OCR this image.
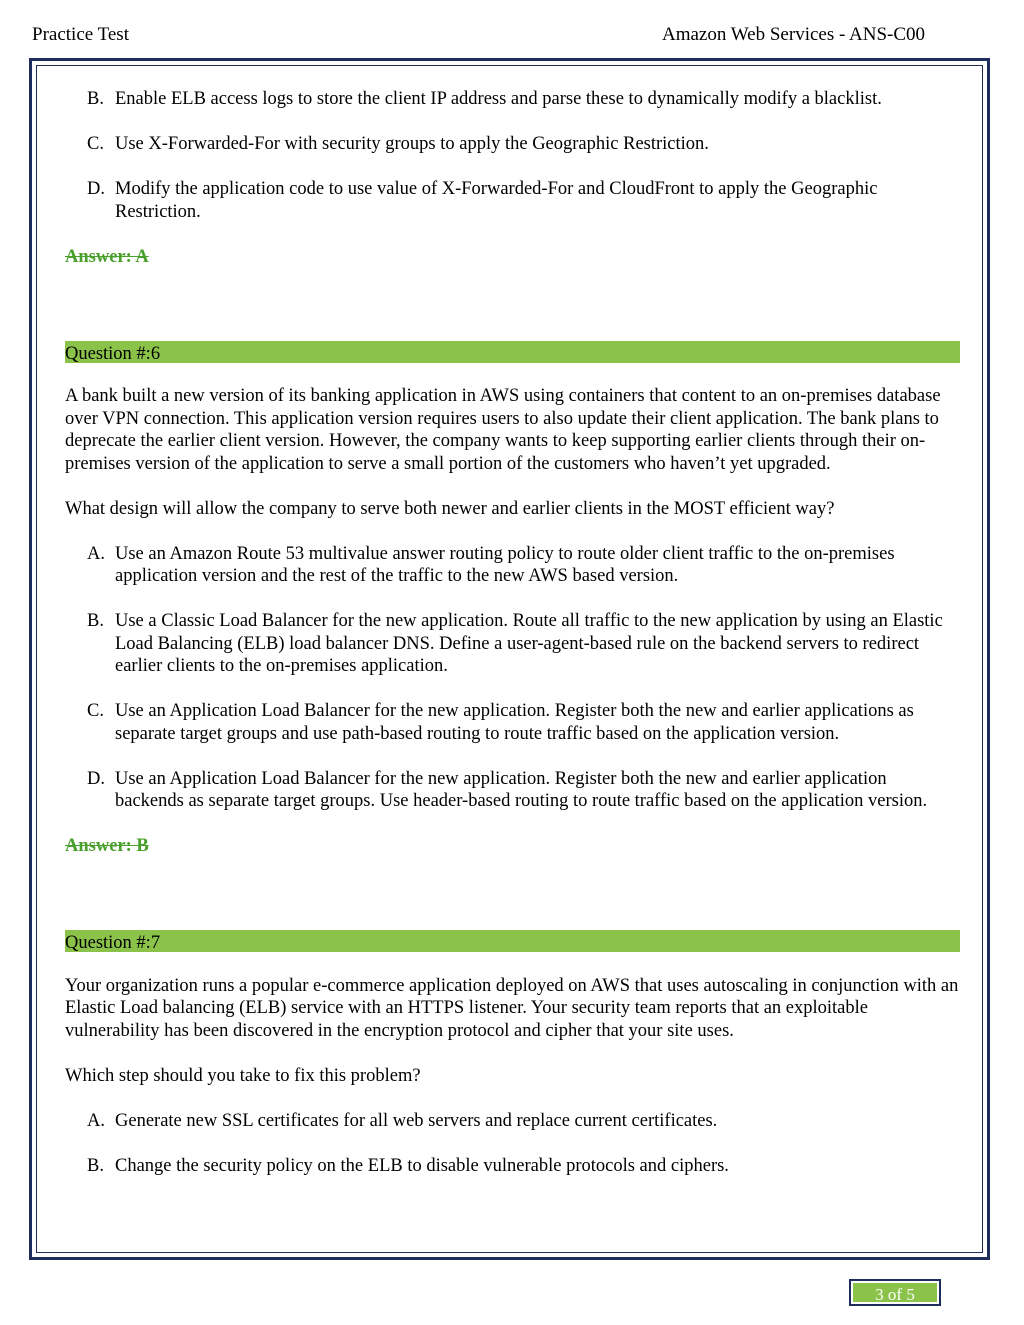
Practice Test	Amazon Web Services - ANS-C00
B. Enable ELB access logs to store the client IP address and parse these to dynamically modify a blacklist.
C. Use X-Forwarded-For with security groups to apply the Geographic Restriction.
D. Modify the application code to use value of X-Forwarded-For and CloudFront to apply the Geographic Restriction.
Answer: A
Question #:6
A bank built a new version of its banking application in AWS using containers that content to an on-premises database over VPN connection. This application version requires users to also update their client application. The bank plans to deprecate the earlier client version. However, the company wants to keep supporting earlier clients through their on-premises version of the application to serve a small portion of the customers who haven’t yet upgraded.
What design will allow the company to serve both newer and earlier clients in the MOST efficient way?
A. Use an Amazon Route 53 multivalue answer routing policy to route older client traffic to the on-premises application version and the rest of the traffic to the new AWS based version.
B. Use a Classic Load Balancer for the new application. Route all traffic to the new application by using an Elastic Load Balancing (ELB) load balancer DNS. Define a user-agent-based rule on the backend servers to redirect earlier clients to the on-premises application.
C. Use an Application Load Balancer for the new application. Register both the new and earlier applications as separate target groups and use path-based routing to route traffic based on the application version.
D. Use an Application Load Balancer for the new application. Register both the new and earlier application backends as separate target groups. Use header-based routing to route traffic based on the application version.
Answer: B
Question #:7
Your organization runs a popular e-commerce application deployed on AWS that uses autoscaling in conjunction with an Elastic Load balancing (ELB) service with an HTTPS listener. Your security team reports that an exploitable vulnerability has been discovered in the encryption protocol and cipher that your site uses.
Which step should you take to fix this problem?
A. Generate new SSL certificates for all web servers and replace current certificates.
B. Change the security policy on the ELB to disable vulnerable protocols and ciphers.
3 of 5
